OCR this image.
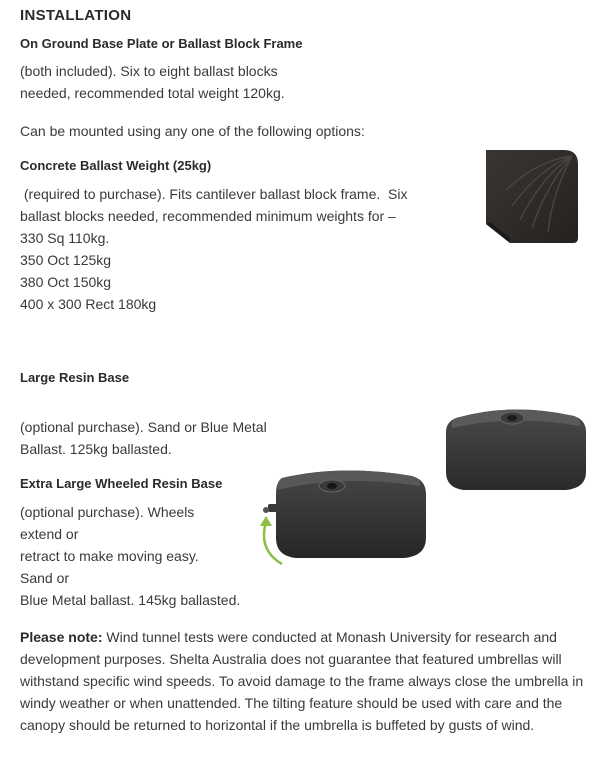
INSTALLATION
On Ground Base Plate or Ballast Block Frame
(both included). Six to eight ballast blocks
needed, recommended total weight 120kg.
Can be mounted using any one of the following options:
Concrete Ballast Weight (25kg)
(required to purchase). Fits cantilever ballast block frame.  Six
ballast blocks needed, recommended minimum weights for –
330 Sq 110kg.
350 Oct 125kg
380 Oct 150kg
400 x 300 Rect 180kg
Large Resin Base
(optional purchase). Sand or Blue Metal
Ballast. 125kg ballasted.
Extra Large Wheeled Resin Base
(optional purchase). Wheels
extend or
retract to make moving easy.
Sand or
Blue Metal ballast. 145kg ballasted.
Please note: Wind tunnel tests were conducted at Monash University for research and development purposes. Shelta Australia does not guarantee that featured umbrellas will withstand specific wind speeds. To avoid damage to the frame always close the umbrella in windy weather or when unattended. The tilting feature should be used with care and the canopy should be returned to horizontal if the umbrella is buffeted by gusts of wind.
